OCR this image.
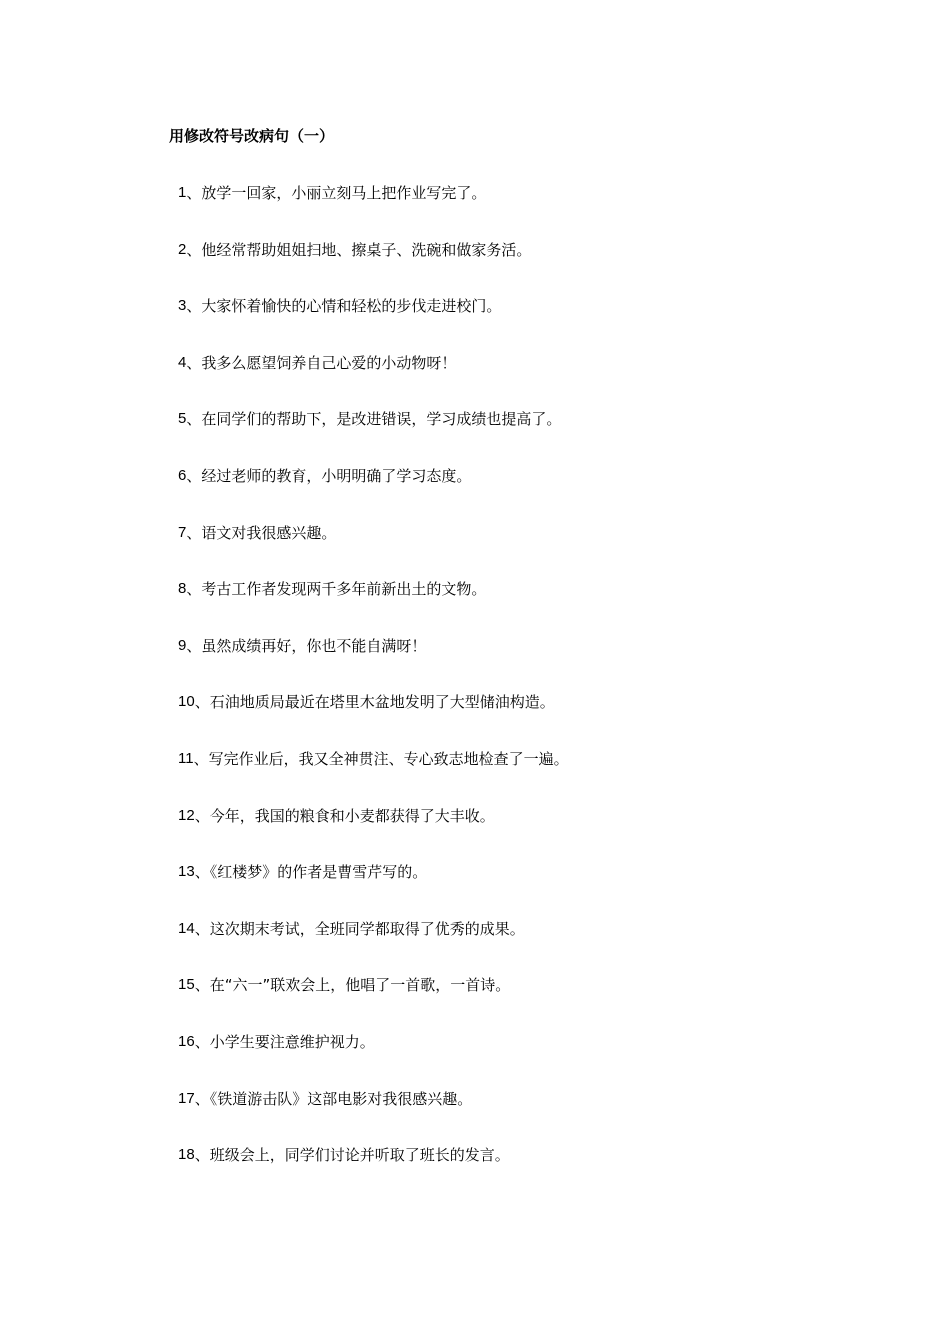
用修改符号改病句（一）
1 、放学一回家，小丽立刻马上把作业写完了。
2 、他经常帮助姐姐扫地、擦桌子、洗碗和做家务活。
3 、大家怀着愉快的心情和轻松的步伐走进校门。
4 、我多么愿望饲养自己心爱的小动物呀！
5 、在同学们的帮助下，是改进错误，学习成绩也提高了。
6 、经过老师的教育，小明明确了学习态度。
7 、语文对我很感兴趣。
8 、考古工作者发现两千多年前新出土的文物。
9 、虽然成绩再好，你也不能自满呀！
10 、石油地质局最近在塔里木盆地发明了大型储油构造。
11 、写完作业后，我又全神贯注、专心致志地检查了一遍。
12 、今年，我国的粮食和小麦都获得了大丰收。
13 、《红楼梦》的作者是曹雪芹写的。
14 、这次期末考试，全班同学都取得了优秀的成果。
15 、在“六一”联欢会上，他唱了一首歌，一首诗。
16 、小学生要注意维护视力。
17 、《铁道游击队》这部电影对我很感兴趣。
18 、班级会上，同学们讨论并听取了班长的发言。
